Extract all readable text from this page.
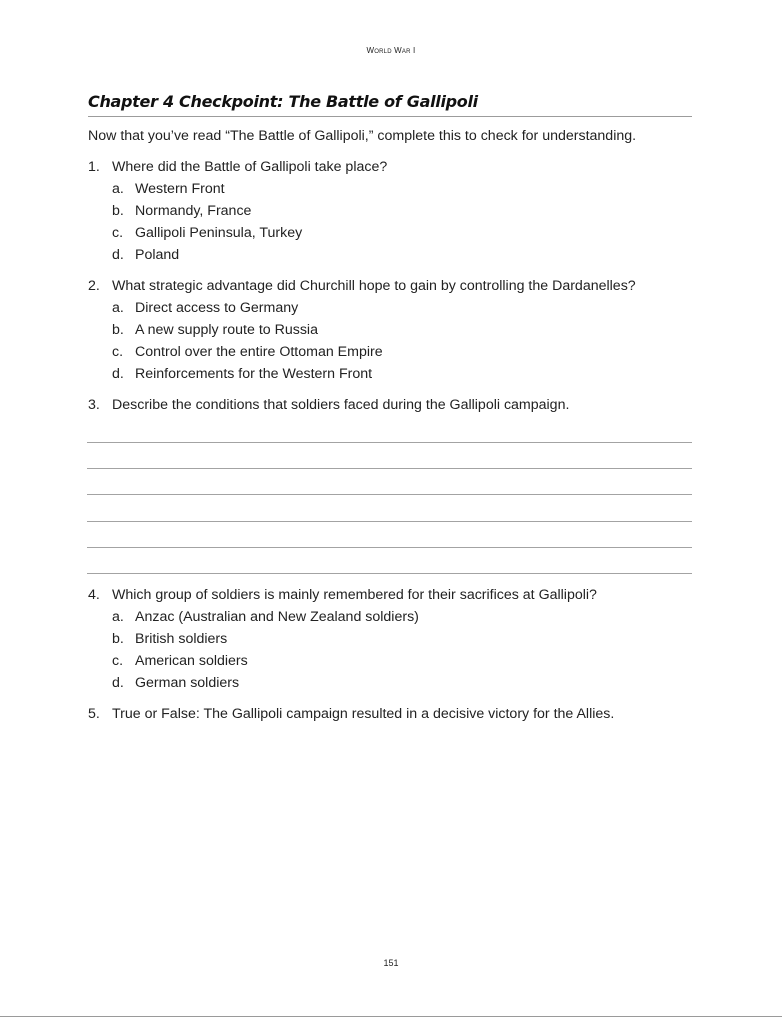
World War I
Chapter 4 Checkpoint: The Battle of Gallipoli
Now that you’ve read “The Battle of Gallipoli,” complete this to check for understanding.
1. Where did the Battle of Gallipoli take place?
a. Western Front
b. Normandy, France
c. Gallipoli Peninsula, Turkey
d. Poland
2. What strategic advantage did Churchill hope to gain by controlling the Dardanelles?
a. Direct access to Germany
b. A new supply route to Russia
c. Control over the entire Ottoman Empire
d. Reinforcements for the Western Front
3. Describe the conditions that soldiers faced during the Gallipoli campaign.
4. Which group of soldiers is mainly remembered for their sacrifices at Gallipoli?
a. Anzac (Australian and New Zealand soldiers)
b. British soldiers
c. American soldiers
d. German soldiers
5. True or False: The Gallipoli campaign resulted in a decisive victory for the Allies.
151
